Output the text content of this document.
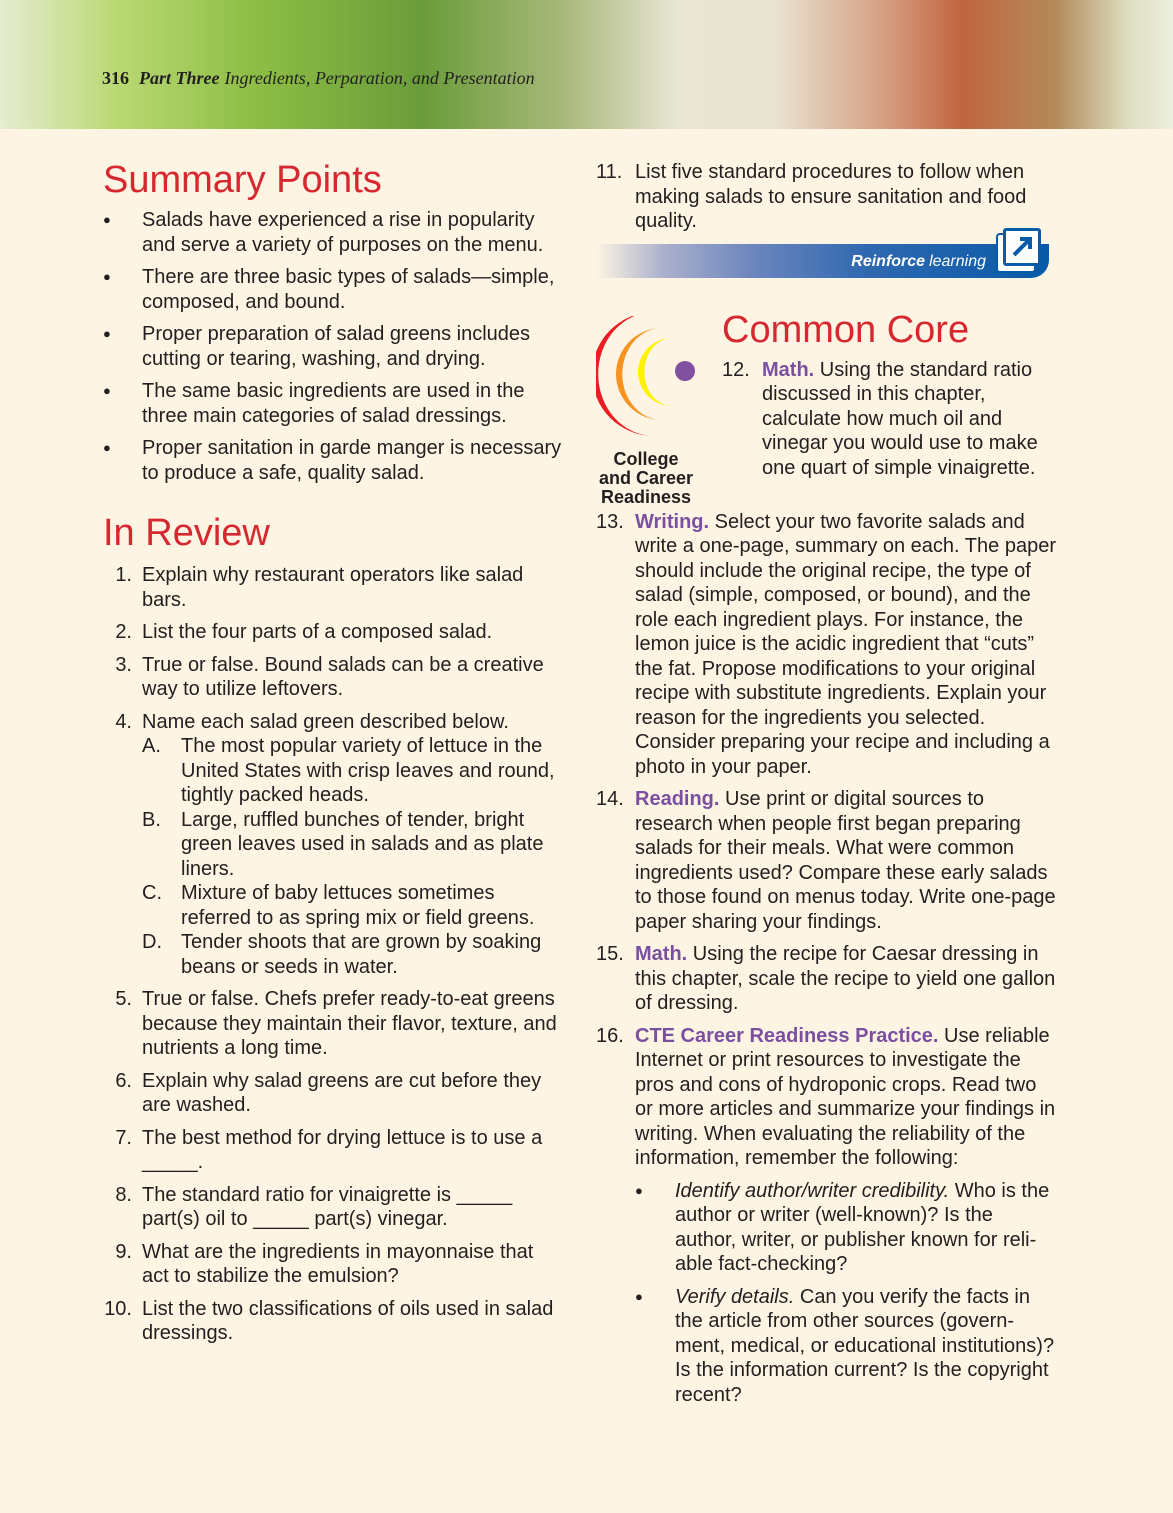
316 Part Three Ingredients, Perparation, and Presentation
Summary Points
● Salads have experienced a rise in popularity and serve a variety of purposes on the menu.
● There are three basic types of salads—simple, composed, and bound.
● Proper preparation of salad greens includes cutting or tearing, washing, and drying.
● The same basic ingredients are used in the three main categories of salad dressings.
● Proper sanitation in garde manger is necessary to produce a safe, quality salad.
In Review
1. Explain why restaurant operators like salad bars.
2. List the four parts of a composed salad.
3. True or false. Bound salads can be a creative way to utilize leftovers.
4. Name each salad green described below.
A. The most popular variety of lettuce in the United States with crisp leaves and round, tightly packed heads.
B. Large, ruffled bunches of tender, bright green leaves used in salads and as plate liners.
C. Mixture of baby lettuces sometimes referred to as spring mix or field greens.
D. Tender shoots that are grown by soaking beans or seeds in water.
5. True or false. Chefs prefer ready-to-eat greens because they maintain their flavor, texture, and nutrients a long time.
6. Explain why salad greens are cut before they are washed.
7. The best method for drying lettuce is to use a _____.
8. The standard ratio for vinaigrette is _____ part(s) oil to _____ part(s) vinegar.
9. What are the ingredients in mayonnaise that act to stabilize the emulsion?
10. List the two classifications of oils used in salad dressings.
11. List five standard procedures to follow when making salads to ensure sanitation and food quality.
Reinforce learning
College
and Career
Readiness
Common Core
12. Math. Using the standard ratio discussed in this chapter, calculate how much oil and vinegar you would use to make one quart of simple vinaigrette.
13. Writing. Select your two favorite salads and write a one-page, summary on each. The paper should include the original recipe, the type of salad (simple, composed, or bound), and the role each ingredient plays. For instance, the lemon juice is the acidic ingredient that “cuts” the fat. Propose modifications to your original recipe with substitute ingredients. Explain your reason for the ingredients you selected. Consider preparing your recipe and including a photo in your paper.
14. Reading. Use print or digital sources to research when people first began preparing salads for their meals. What were common ingredients used? Compare these early salads to those found on menus today. Write one-page paper sharing your findings.
15. Math. Using the recipe for Caesar dressing in this chapter, scale the recipe to yield one gallon of dressing.
16. CTE Career Readiness Practice. Use reliable Internet or print resources to investigate the pros and cons of hydroponic crops. Read two or more articles and summarize your findings in writing. When evaluating the reliability of the information, remember the following:
● Identify author/writer credibility. Who is the author or writer (well-known)? Is the author, writer, or publisher known for reliable fact-checking?
● Verify details. Can you verify the facts in the article from other sources (government, medical, or educational institutions)? Is the information current? Is the copyright recent?
